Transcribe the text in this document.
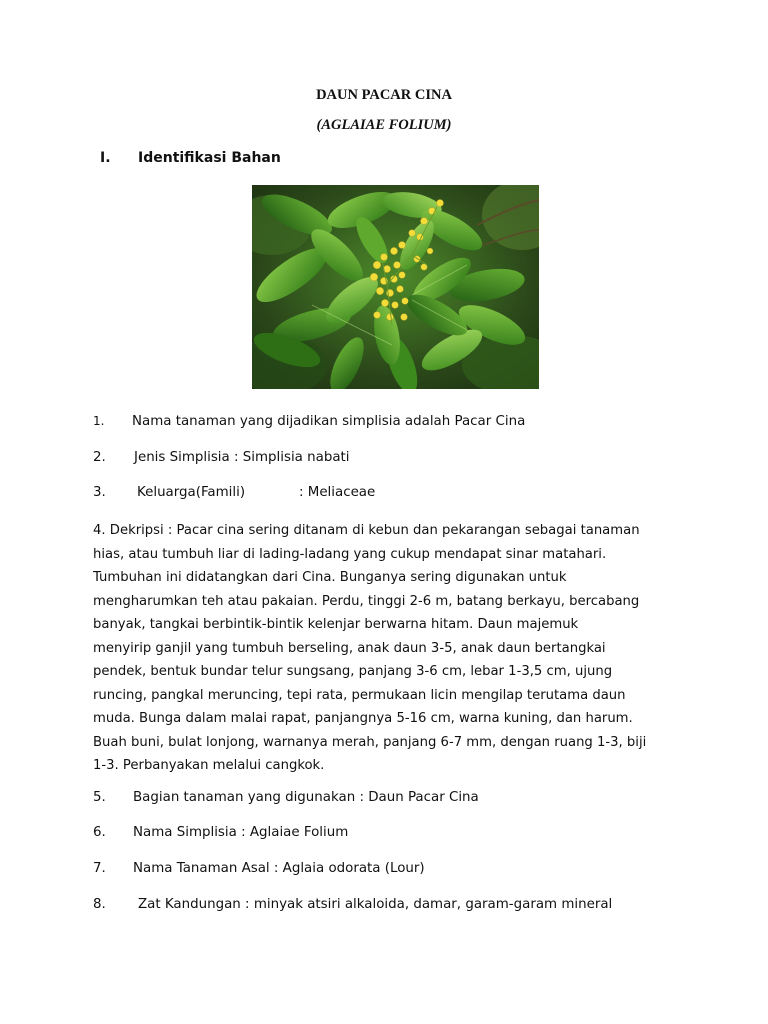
DAUN PACAR CINA
(AGLAIAE FOLIUM)
I. Identifikasi Bahan
1. Nama tanaman yang dijadikan simplisia adalah Pacar Cina
2. Jenis Simplisia : Simplisia nabati
3. Keluarga(Famili)	: Meliaceae
4. Dekripsi : Pacar cina sering ditanam di kebun dan pekarangan sebagai tanaman
hias, atau tumbuh liar di lading-ladang yang cukup mendapat sinar matahari.
Tumbuhan ini didatangkan dari Cina. Bunganya sering digunakan untuk
mengharumkan teh atau pakaian. Perdu, tinggi 2-6 m, batang berkayu, bercabang
banyak, tangkai berbintik-bintik kelenjar berwarna hitam. Daun majemuk
menyirip ganjil yang tumbuh berseling, anak daun 3-5, anak daun bertangkai
pendek, bentuk bundar telur sungsang, panjang 3-6 cm, lebar 1-3,5 cm, ujung
runcing, pangkal meruncing, tepi rata, permukaan licin mengilap terutama daun
muda. Bunga dalam malai rapat, panjangnya 5-16 cm, warna kuning, dan harum.
Buah buni, bulat lonjong, warnanya merah, panjang 6-7 mm, dengan ruang 1-3, biji
1-3. Perbanyakan melalui cangkok.
5. Bagian tanaman yang digunakan : Daun Pacar Cina
6. Nama Simplisia : Aglaiae Folium
7. Nama Tanaman Asal : Aglaia odorata (Lour)
8. Zat Kandungan : minyak atsiri alkaloida, damar, garam-garam mineral
